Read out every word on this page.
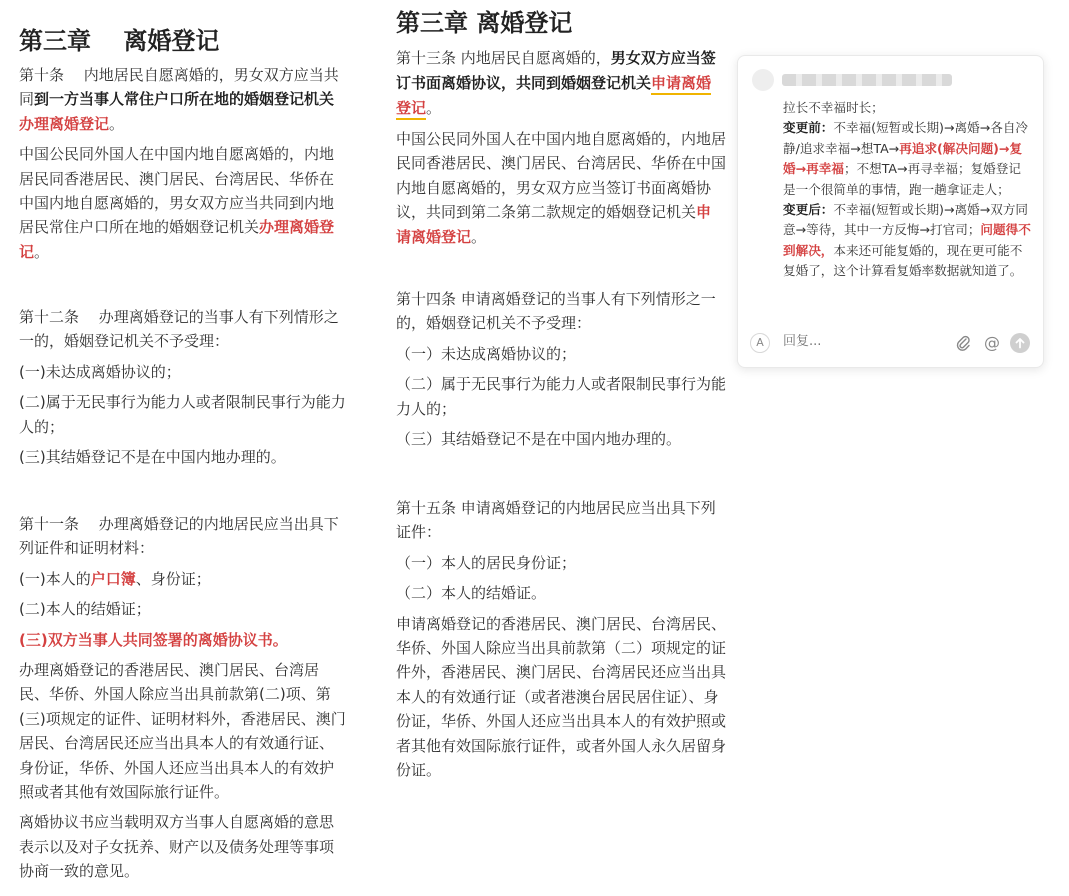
第三章　 离婚登记

第十条　 内地居民自愿离婚的，男女双方应当共同到一方当事人常住户口所在地的婚姻登记机关办理离婚登记。

中国公民同外国人在中国内地自愿离婚的，内地居民同香港居民、澳门居民、台湾居民、华侨在中国内地自愿离婚的，男女双方应当共同到内地居民常住户口所在地的婚姻登记机关办理离婚登记。

第十二条　 办理离婚登记的当事人有下列情形之一的，婚姻登记机关不予受理：

(一)未达成离婚协议的；

(二)属于无民事行为能力人或者限制民事行为能力人的；

(三)其结婚登记不是在中国内地办理的。

第十一条　 办理离婚登记的内地居民应当出具下列证件和证明材料：

(一)本人的户口簿、身份证；

(二)本人的结婚证；

(三)双方当事人共同签署的离婚协议书。

办理离婚登记的香港居民、澳门居民、台湾居民、华侨、外国人除应当出具前款第(二)项、第(三)项规定的证件、证明材料外，香港居民、澳门居民、台湾居民还应当出具本人的有效通行证、身份证，华侨、外国人还应当出具本人的有效护照或者其他有效国际旅行证件。

离婚协议书应当载明双方当事人自愿离婚的意思表示以及对子女抚养、财产以及债务处理等事项协商一致的意见。

第三章 离婚登记

第十三条 内地居民自愿离婚的，男女双方应当签订书面离婚协议，共同到婚姻登记机关申请离婚登记。

中国公民同外国人在中国内地自愿离婚的，内地居民同香港居民、澳门居民、台湾居民、华侨在中国内地自愿离婚的，男女双方应当签订书面离婚协议，共同到第二条第二款规定的婚姻登记机关申请离婚登记。

第十四条 申请离婚登记的当事人有下列情形之一的，婚姻登记机关不予受理：

（一）未达成离婚协议的；

（二）属于无民事行为能力人或者限制民事行为能力人的；

（三）其结婚登记不是在中国内地办理的。

第十五条 申请离婚登记的内地居民应当出具下列证件：

（一）本人的居民身份证；

（二）本人的结婚证。

申请离婚登记的香港居民、澳门居民、台湾居民、华侨、外国人除应当出具前款第（二）项规定的证件外，香港居民、澳门居民、台湾居民还应当出具本人的有效通行证（或者港澳台居民居住证）、身份证，华侨、外国人还应当出具本人的有效护照或者其他有效国际旅行证件，或者外国人永久居留身份证。

拉长不幸福时长；

变更前：不幸福(短暂或长期)→离婚→各自冷静/追求幸福→想TA→再追求(解决问题)→复婚→再幸福；不想TA→再寻幸福；复婚登记是一个很简单的事情，跑一趟拿证走人；

变更后：不幸福(短暂或长期)→离婚→双方同意→等待，其中一方反悔→打官司；问题得不到解决，本来还可能复婚的，现在更可能不复婚了，这个计算看复婚率数据就知道了。

A
回复...	@
